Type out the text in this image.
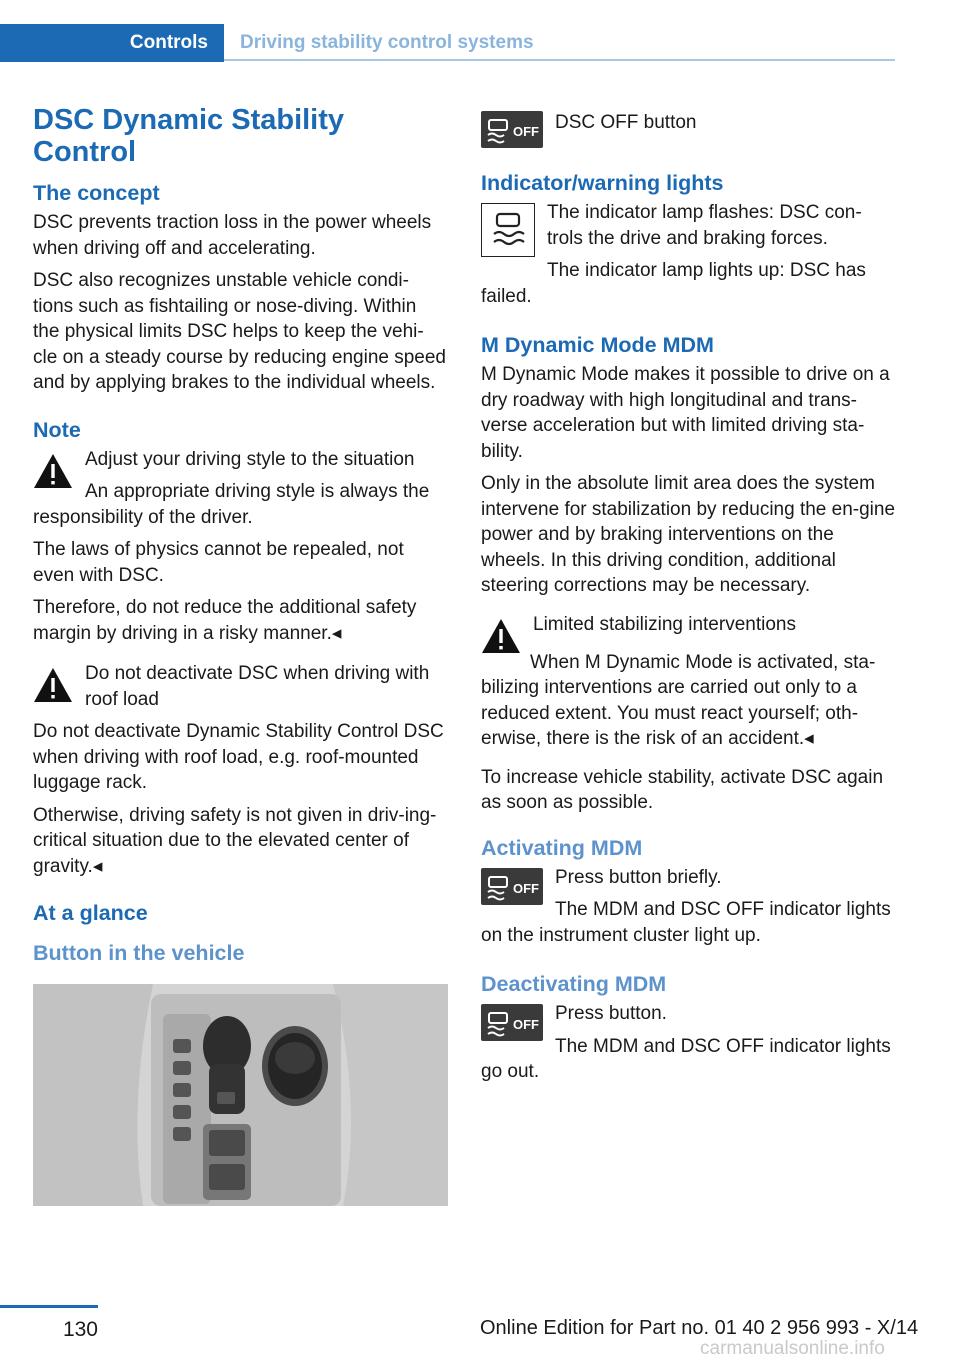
Controls	Driving stability control systems
DSC Dynamic Stability Control
The concept
DSC prevents traction loss in the power wheels when driving off and accelerating.
DSC also recognizes unstable vehicle condi‐tions such as fishtailing or nose-diving. Within the physical limits DSC helps to keep the vehi‐cle on a steady course by reducing engine speed and by applying brakes to the individual wheels.
Note
Adjust your driving style to the situation
An appropriate driving style is always the responsibility of the driver.
The laws of physics cannot be repealed, not even with DSC.
Therefore, do not reduce the additional safety margin by driving in a risky manner.◂
Do not deactivate DSC when driving with roof load
Do not deactivate Dynamic Stability Control DSC when driving with roof load, e.g. roof-mounted luggage rack.
Otherwise, driving safety is not given in driv‐ing-critical situation due to the elevated center of gravity.◂
At a glance
Button in the vehicle
OFF DSC OFF button
Indicator/warning lights
The indicator lamp flashes: DSC con‐trols the drive and braking forces.
The indicator lamp lights up: DSC has failed.
M Dynamic Mode MDM
M Dynamic Mode makes it possible to drive on a dry roadway with high longitudinal and trans‐verse acceleration but with limited driving sta‐bility.
Only in the absolute limit area does the system intervene for stabilization by reducing the en‐gine power and by braking interventions on the wheels. In this driving condition, additional steering corrections may be necessary.
Limited stabilizing interventions
When M Dynamic Mode is activated, sta‐bilizing interventions are carried out only to a reduced extent. You must react yourself; oth‐erwise, there is the risk of an accident.◂
To increase vehicle stability, activate DSC again as soon as possible.
Activating MDM
OFF
Press button briefly.
The MDM and DSC OFF indicator lights on the instrument cluster light up.
Deactivating MDM
OFF
Press button.
The MDM and DSC OFF indicator lights go out.
130	Online Edition for Part no. 01 40 2 956 993 - X/14
carmanualsonline.info
